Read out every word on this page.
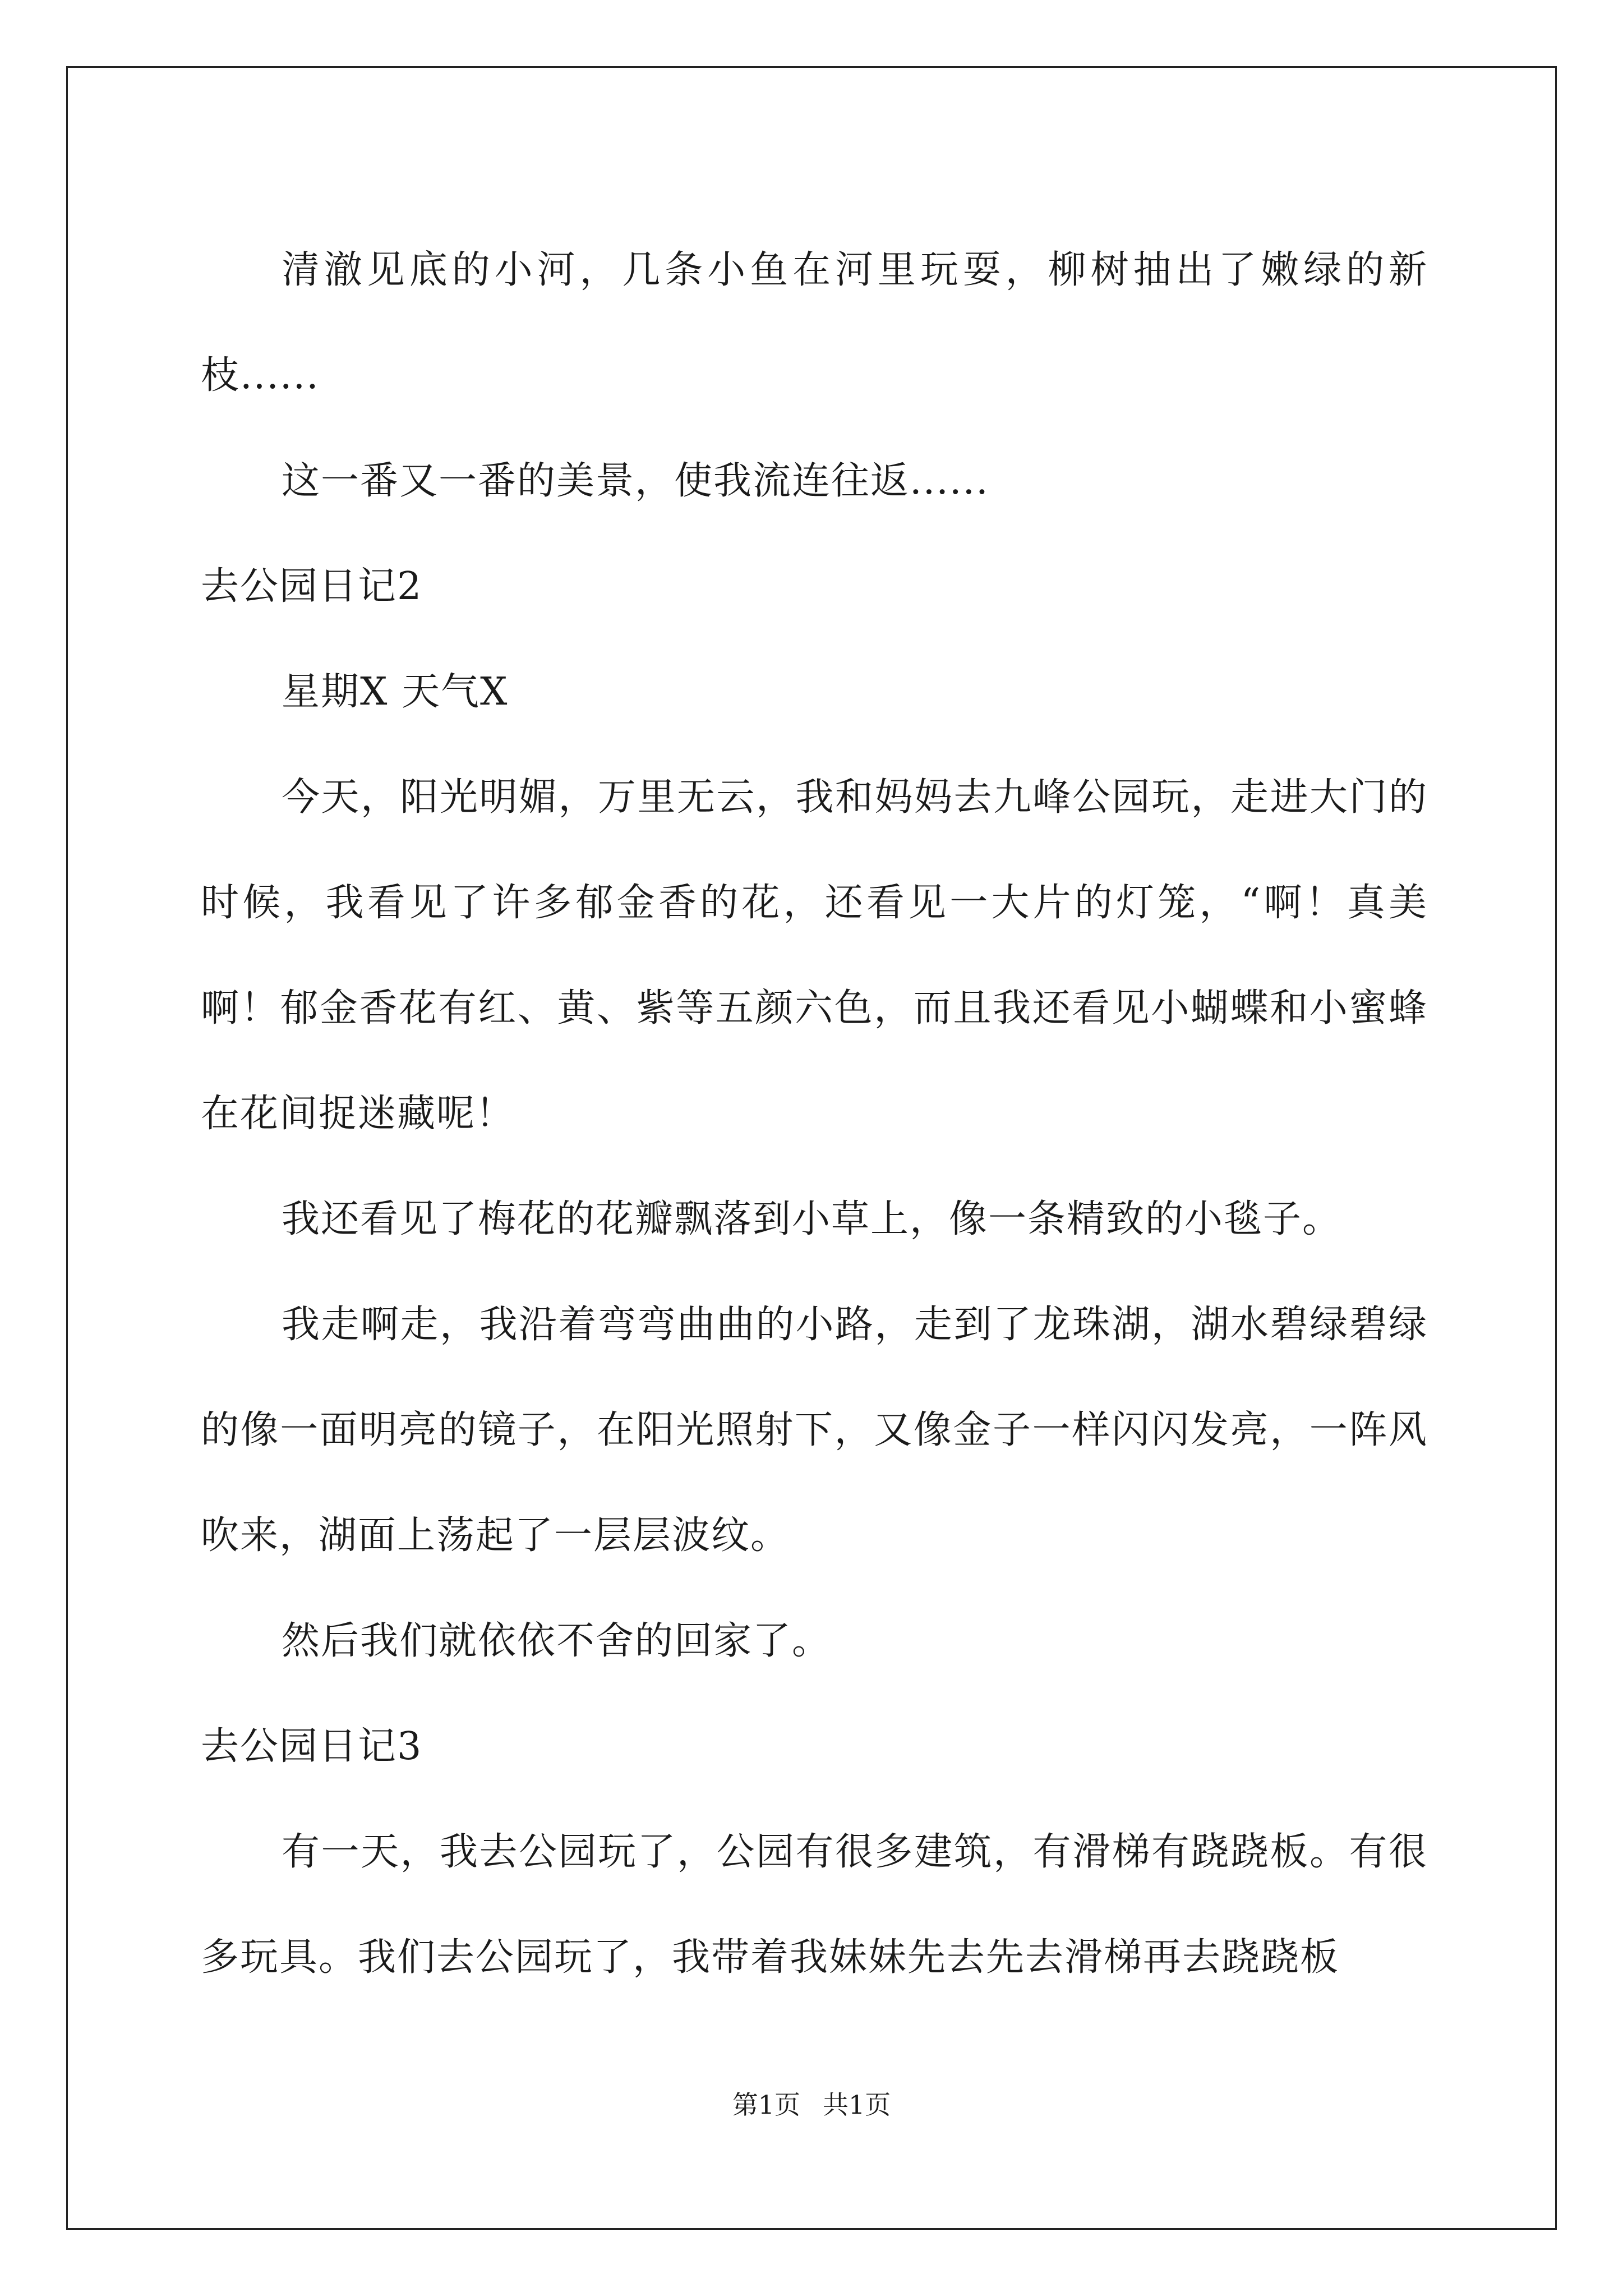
清澈见底的小河，几条小鱼在河里玩耍，柳树抽出了嫩绿的新枝......

这一番又一番的美景，使我流连往返......

去公园日记2

星期X 天气X

今天，阳光明媚，万里无云，我和妈妈去九峰公园玩，走进大门的时候，我看见了许多郁金香的花，还看见一大片的灯笼，“啊！真美啊！郁金香花有红、黄、紫等五颜六色，而且我还看见小蝴蝶和小蜜蜂在花间捉迷藏呢！

我还看见了梅花的花瓣飘落到小草上，像一条精致的小毯子。

我走啊走，我沿着弯弯曲曲的小路，走到了龙珠湖，湖水碧绿碧绿的像一面明亮的镜子，在阳光照射下，又像金子一样闪闪发亮，一阵风吹来，湖面上荡起了一层层波纹。

然后我们就依依不舍的回家了。

去公园日记3

有一天，我去公园玩了，公园有很多建筑，有滑梯有跷跷板。有很多玩具。我们去公园玩了，我带着我妹妹先去先去滑梯再去跷跷板

第1页 共1页
